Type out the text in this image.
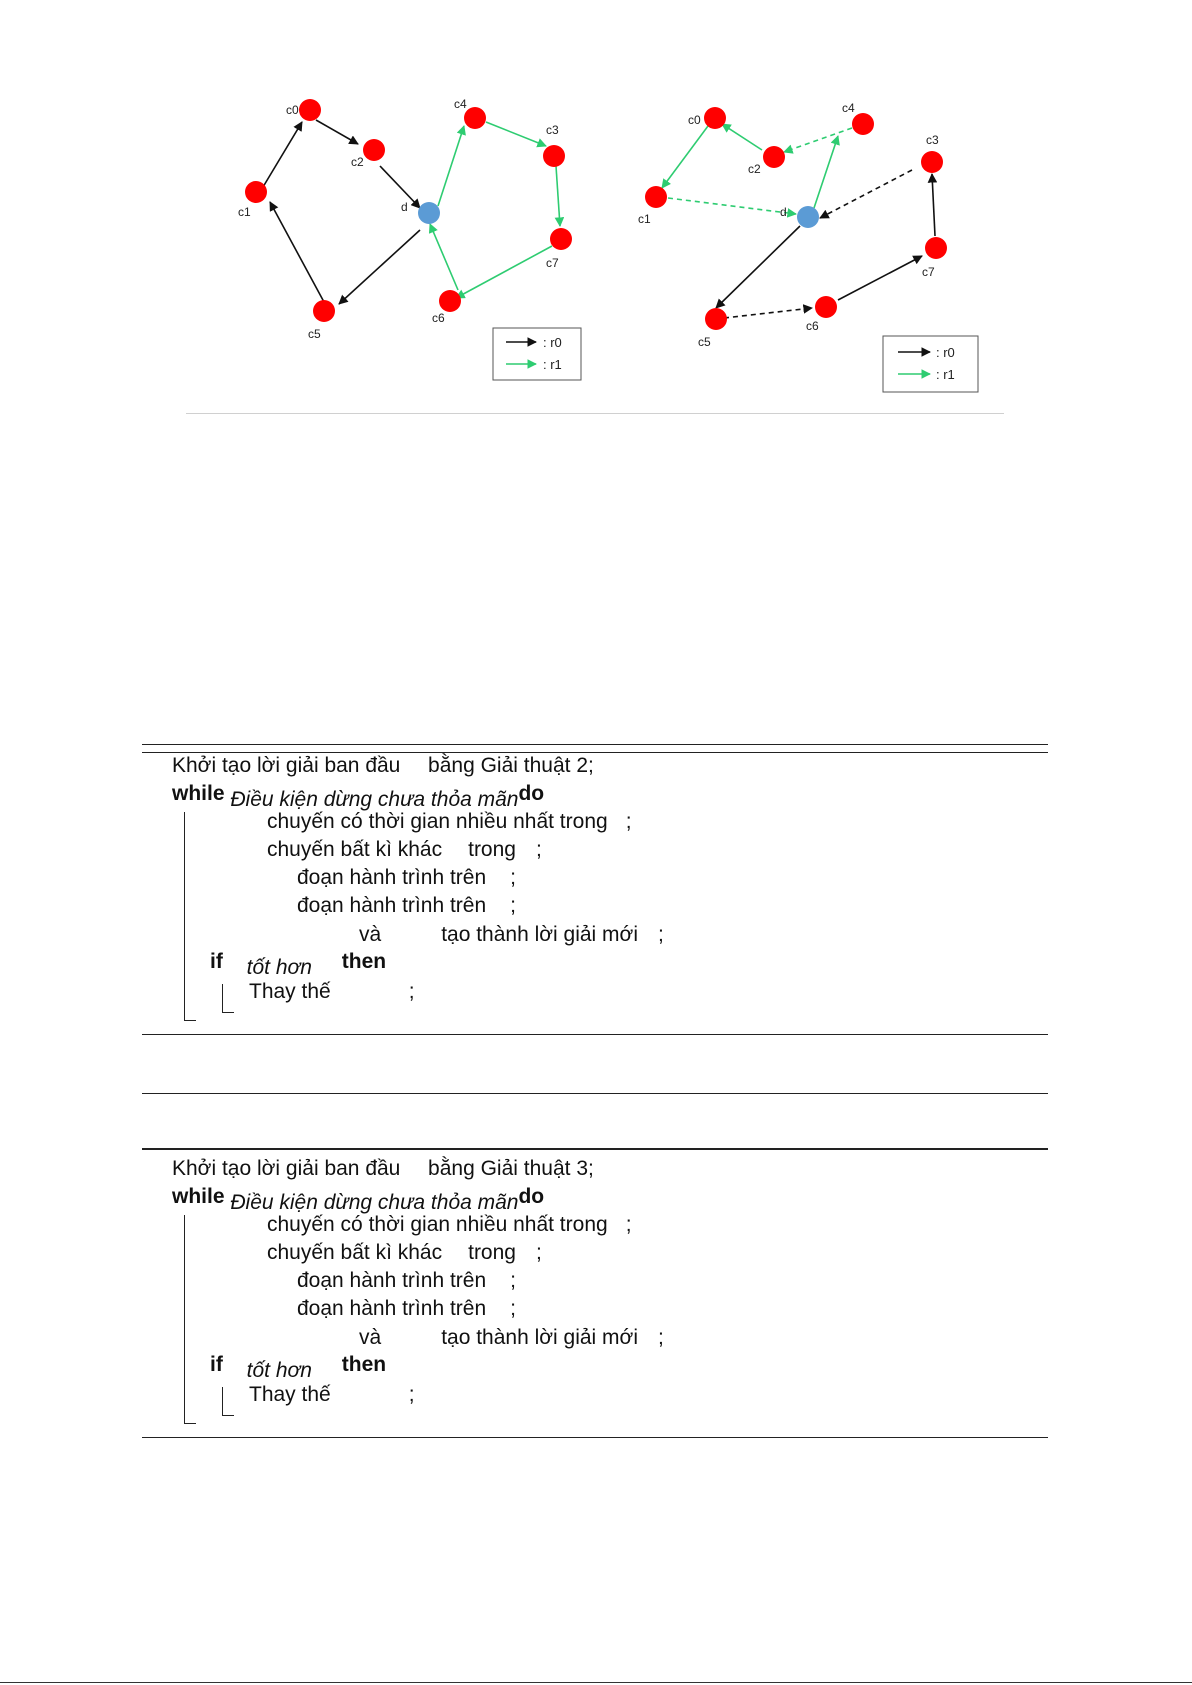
c0
c1
c2
c4
c3
c7
c6
c5
d
: r0
: r1
c0
c1
c2
c4
c3
c7
c6
c5
d
: r0
: r1
Khởi tạo lời giải ban đầu bằng Giải thuật 2;
while Điều kiện dừng chưa thỏa mãndo
chuyến có thời gian nhiều nhất trong ;
chuyến bất kì khác trong ;
đoạn hành trình trên ;
đoạn hành trình trên ;
và	tạo thành lời giải mới ;
if tốt hơn then
Thay thế	;
Khởi tạo lời giải ban đầu bằng Giải thuật 3;
while Điều kiện dừng chưa thỏa mãndo
chuyến có thời gian nhiều nhất trong ;
chuyến bất kì khác trong ;
đoạn hành trình trên ;
đoạn hành trình trên ;
và	tạo thành lời giải mới ;
if tốt hơn then
Thay thế	;
